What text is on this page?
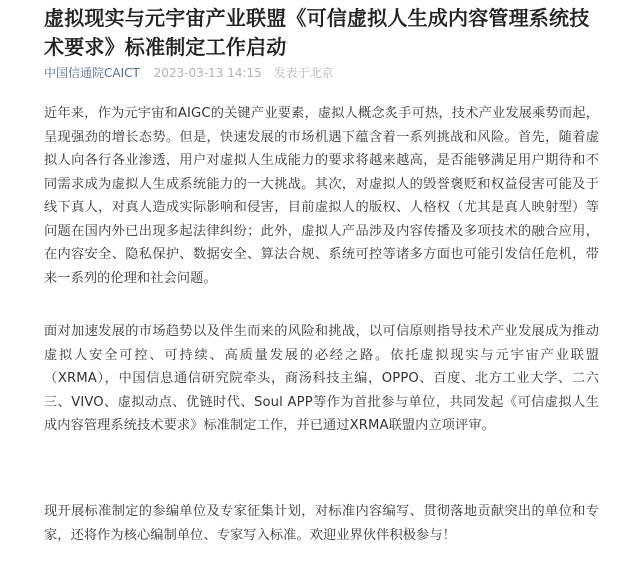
虚拟现实与元宇宙产业联盟《可信虚拟人生成内容管理系统技术要求》标准制定工作启动
中国信通院CAICT 2023-03-13 14:15 发表于北京

近年来，作为元宇宙和AIGC的关键产业要素，虚拟人概念炙手可热，技术产业发展乘势而起，呈现强劲的增长态势。但是，快速发展的市场机遇下蕴含着一系列挑战和风险。首先，随着虚拟人向各行各业渗透，用户对虚拟人生成能力的要求将越来越高，是否能够满足用户期待和不同需求成为虚拟人生成系统能力的一大挑战。其次，对虚拟人的毁誉褒贬和权益侵害可能及于线下真人，对真人造成实际影响和侵害，目前虚拟人的版权、人格权（尤其是真人映射型）等问题在国内外已出现多起法律纠纷；此外，虚拟人产品涉及内容传播及多项技术的融合应用，在内容安全、隐私保护、数据安全、算法合规、系统可控等诸多方面也可能引发信任危机，带来一系列的伦理和社会问题。

面对加速发展的市场趋势以及伴生而来的风险和挑战，以可信原则指导技术产业发展成为推动虚拟人安全可控、可持续、高质量发展的必经之路。依托虚拟现实与元宇宙产业联盟（XRMA），中国信息通信研究院牵头，商汤科技主编，OPPO、百度、北方工业大学、二六三、VIVO、虚拟动点、优链时代、Soul APP等作为首批参与单位，共同发起《可信虚拟人生成内容管理系统技术要求》标准制定工作，并已通过XRMA联盟内立项评审。

现开展标准制定的参编单位及专家征集计划，对标准内容编写、贯彻落地贡献突出的单位和专家，还将作为核心编制单位、专家写入标准。欢迎业界伙伴积极参与！
